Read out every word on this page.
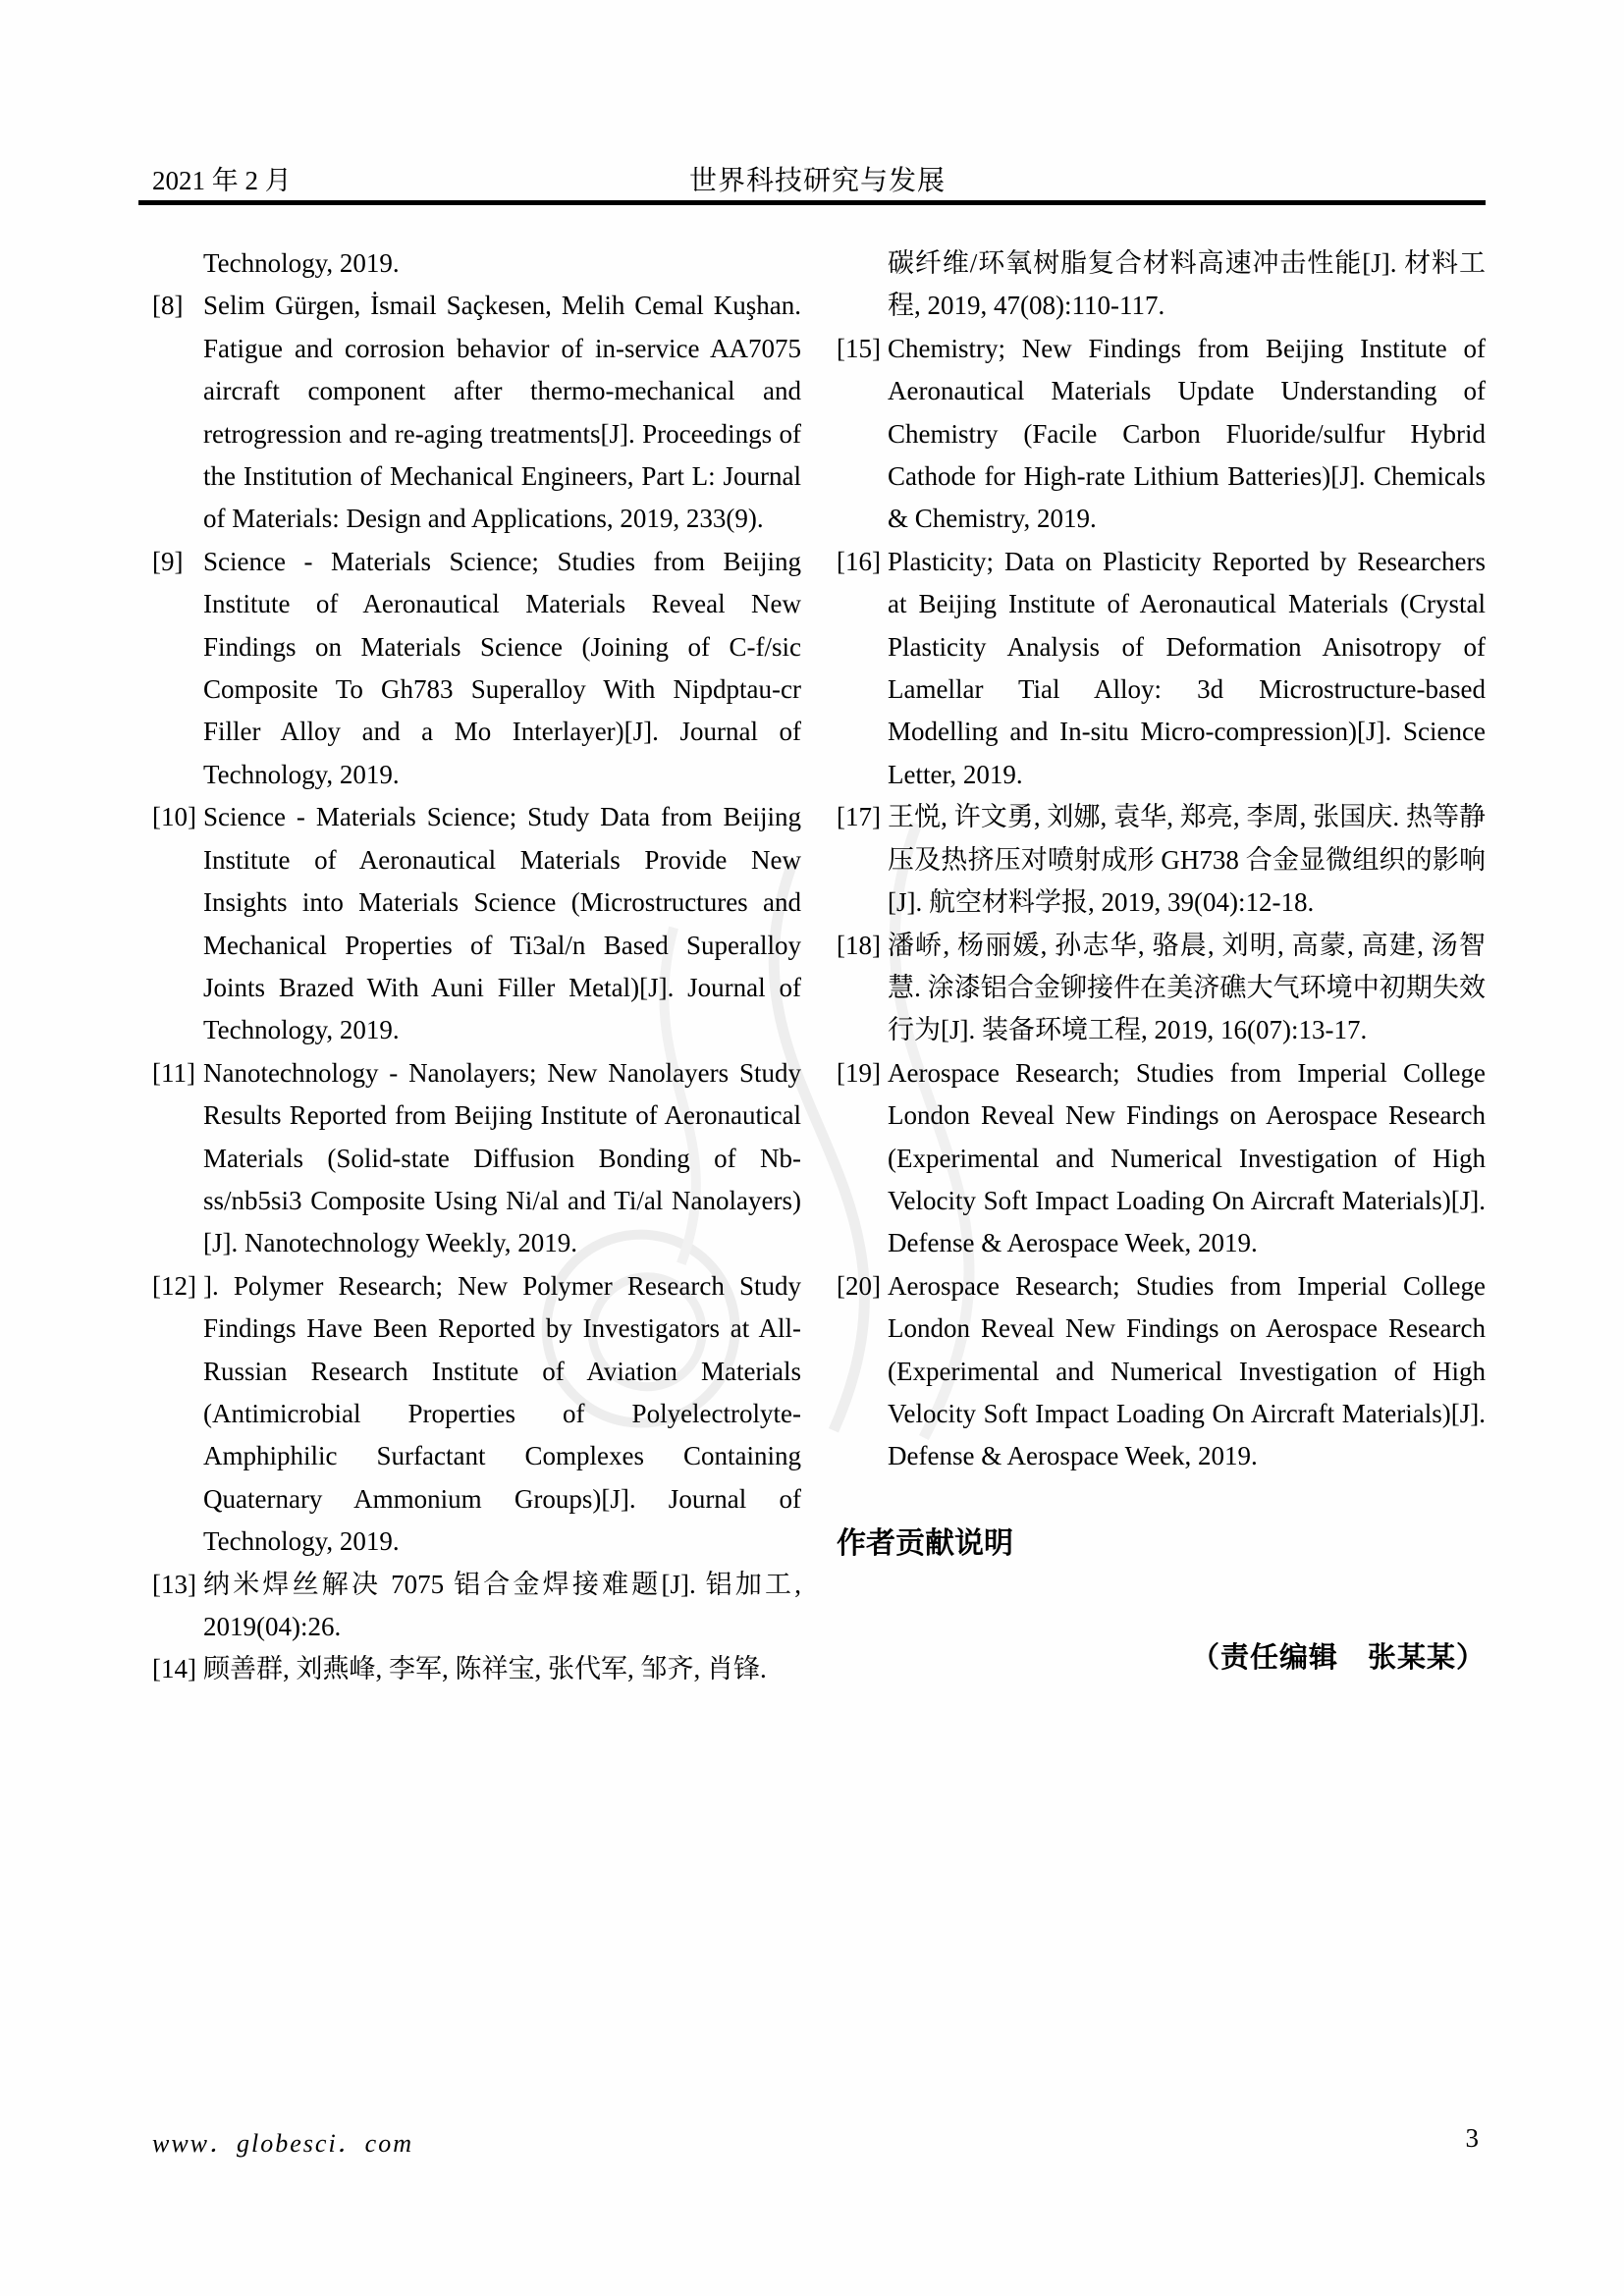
2021 年 2 月	世界科技研究与发展
Technology, 2019.
[8] Selim Gürgen, İsmail Saçkesen, Melih Cemal Kuşhan. Fatigue and corrosion behavior of in-service AA7075 aircraft component after thermo-mechanical and retrogression and re-aging treatments[J]. Proceedings of the Institution of Mechanical Engineers, Part L: Journal of Materials: Design and Applications, 2019, 233(9).
[9] Science - Materials Science; Studies from Beijing Institute of Aeronautical Materials Reveal New Findings on Materials Science (Joining of C-f/sic Composite To Gh783 Superalloy With Nipdptau-cr Filler Alloy and a Mo Interlayer)[J]. Journal of Technology, 2019.
[10] Science - Materials Science; Study Data from Beijing Institute of Aeronautical Materials Provide New Insights into Materials Science (Microstructures and Mechanical Properties of Ti3al/n Based Superalloy Joints Brazed With Auni Filler Metal)[J]. Journal of Technology, 2019.
[11] Nanotechnology - Nanolayers; New Nanolayers Study Results Reported from Beijing Institute of Aeronautical Materials (Solid-state Diffusion Bonding of Nb-ss/nb5si3 Composite Using Ni/al and Ti/al Nanolayers)[J]. Nanotechnology Weekly, 2019.
[12] ]. Polymer Research; New Polymer Research Study Findings Have Been Reported by Investigators at All-Russian Research Institute of Aviation Materials (Antimicrobial Properties of Polyelectrolyte-Amphiphilic Surfactant Complexes Containing Quaternary Ammonium Groups)[J]. Journal of Technology, 2019.
[13] 纳米焊丝解决 7075 铝合金焊接难题[J]. 铝加工, 2019(04):26.
[14] 顾善群, 刘燕峰, 李军, 陈祥宝, 张代军, 邹齐, 肖锋.
碳纤维/环氧树脂复合材料高速冲击性能[J]. 材料工程, 2019, 47(08):110-117.
[15] Chemistry; New Findings from Beijing Institute of Aeronautical Materials Update Understanding of Chemistry (Facile Carbon Fluoride/sulfur Hybrid Cathode for High-rate Lithium Batteries)[J]. Chemicals & Chemistry, 2019.
[16] Plasticity; Data on Plasticity Reported by Researchers at Beijing Institute of Aeronautical Materials (Crystal Plasticity Analysis of Deformation Anisotropy of Lamellar Tial Alloy: 3d Microstructure-based Modelling and In-situ Micro-compression)[J]. Science Letter, 2019.
[17] 王悦, 许文勇, 刘娜, 袁华, 郑亮, 李周, 张国庆. 热等静压及热挤压对喷射成形 GH738 合金显微组织的影响[J]. 航空材料学报, 2019, 39(04):12-18.
[18] 潘峤, 杨丽媛, 孙志华, 骆晨, 刘明, 高蒙, 高建, 汤智慧. 涂漆铝合金铆接件在美济礁大气环境中初期失效行为[J]. 装备环境工程, 2019, 16(07):13-17.
[19] Aerospace Research; Studies from Imperial College London Reveal New Findings on Aerospace Research (Experimental and Numerical Investigation of High Velocity Soft Impact Loading On Aircraft Materials)[J]. Defense & Aerospace Week, 2019.
[20] Aerospace Research; Studies from Imperial College London Reveal New Findings on Aerospace Research (Experimental and Numerical Investigation of High Velocity Soft Impact Loading On Aircraft Materials)[J]. Defense & Aerospace Week, 2019.
作者贡献说明
（责任编辑　张某某）
www．globesci．com	3
